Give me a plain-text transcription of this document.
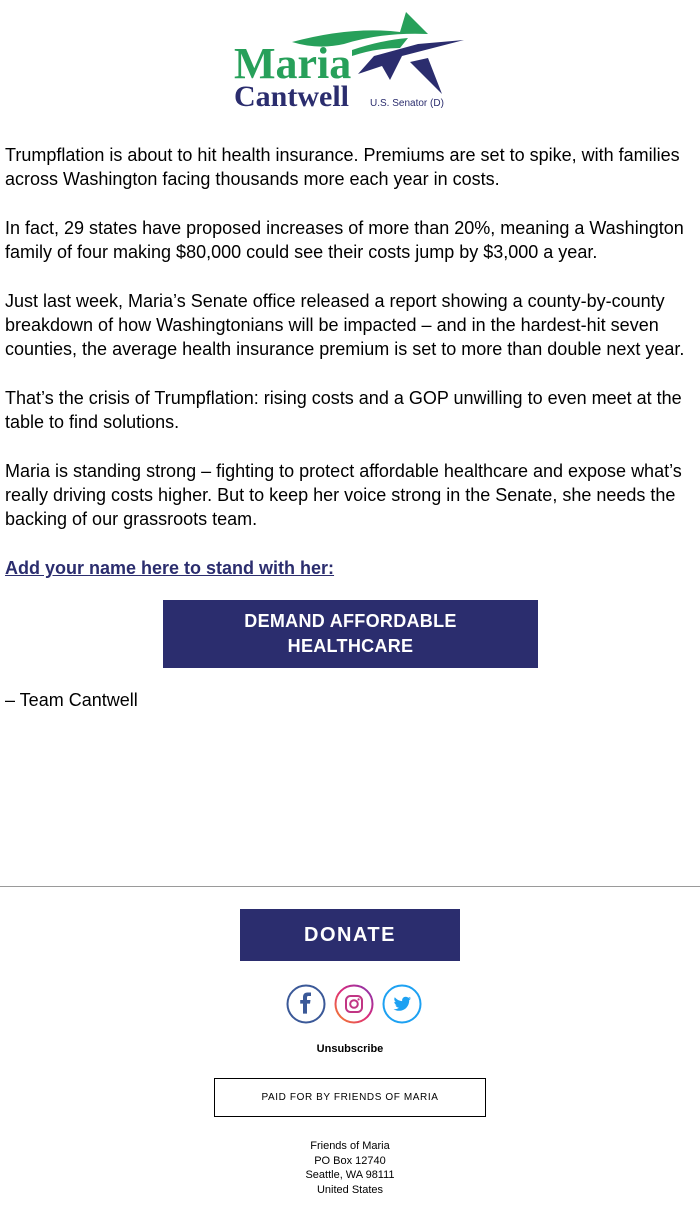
Maria
Cantwell U.S. Senator (D)

Trumpflation is about to hit health insurance. Premiums are set to spike, with families across Washington facing thousands more each year in costs.

In fact, 29 states have proposed increases of more than 20%, meaning a Washington family of four making $80,000 could see their costs jump by $3,000 a year.

Just last week, Maria’s Senate office released a report showing a county-by-county breakdown of how Washingtonians will be impacted – and in the hardest-hit seven counties, the average health insurance premium is set to more than double next year.

That’s the crisis of Trumpflation: rising costs and a GOP unwilling to even meet at the table to find solutions.

Maria is standing strong – fighting to protect affordable healthcare and expose what’s really driving costs higher. But to keep her voice strong in the Senate, she needs the backing of our grassroots team.

Add your name here to stand with her:

DEMAND AFFORDABLE HEALTHCARE
– Team Cantwell
DONATE
Unsubscribe
PAID FOR BY FRIENDS OF MARIA
Friends of Maria
PO Box 12740
Seattle, WA 98111
United States
